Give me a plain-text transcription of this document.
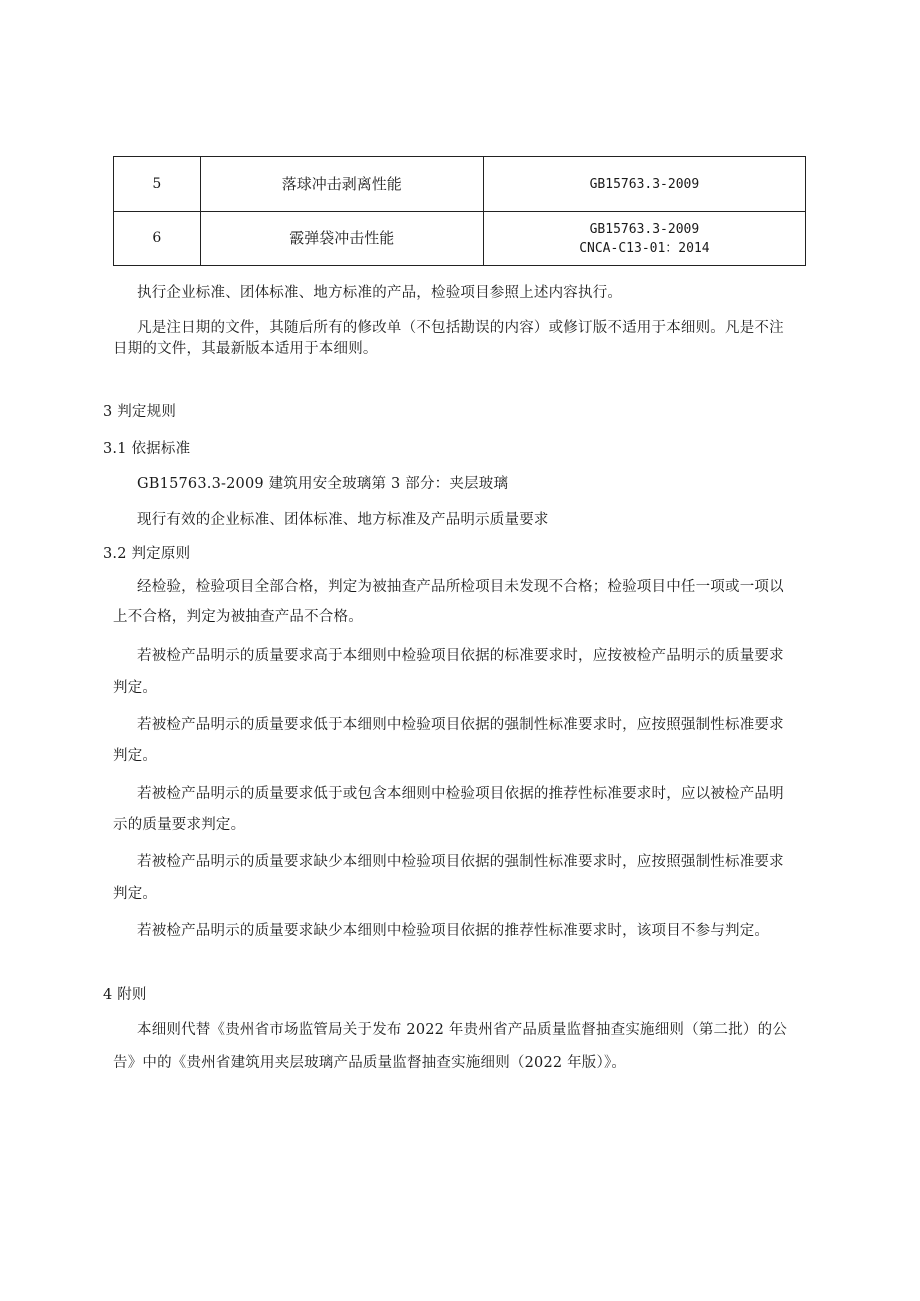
5	落球冲击剥离性能	GB15763.3-2009

6	霰弹袋冲击性能	GB15763.3-2009
CNCA-C13-01：2014
执行企业标准、团体标准、地方标准的产品，检验项目参照上述内容执行。
凡是注日期的文件，其随后所有的修改单（不包括勘误的内容）或修订版不适用于本细则。凡是不注
日期的文件，其最新版本适用于本细则。
3 判定规则
3.1 依据标准
GB15763.3-2009 建筑用安全玻璃第 3 部分：夹层玻璃
现行有效的企业标准、团体标准、地方标准及产品明示质量要求
3.2 判定原则
经检验，检验项目全部合格，判定为被抽查产品所检项目未发现不合格；检验项目中任一项或一项以
上不合格，判定为被抽查产品不合格。
若被检产品明示的质量要求高于本细则中检验项目依据的标准要求时，应按被检产品明示的质量要求
判定。
若被检产品明示的质量要求低于本细则中检验项目依据的强制性标准要求时，应按照强制性标准要求
判定。
若被检产品明示的质量要求低于或包含本细则中检验项目依据的推荐性标准要求时，应以被检产品明
示的质量要求判定。
若被检产品明示的质量要求缺少本细则中检验项目依据的强制性标准要求时，应按照强制性标准要求
判定。
若被检产品明示的质量要求缺少本细则中检验项目依据的推荐性标准要求时，该项目不参与判定。
4 附则
本细则代替《贵州省市场监管局关于发布 2022 年贵州省产品质量监督抽查实施细则（第二批）的公
告》中的《贵州省建筑用夹层玻璃产品质量监督抽查实施细则（2022 年版）》。
